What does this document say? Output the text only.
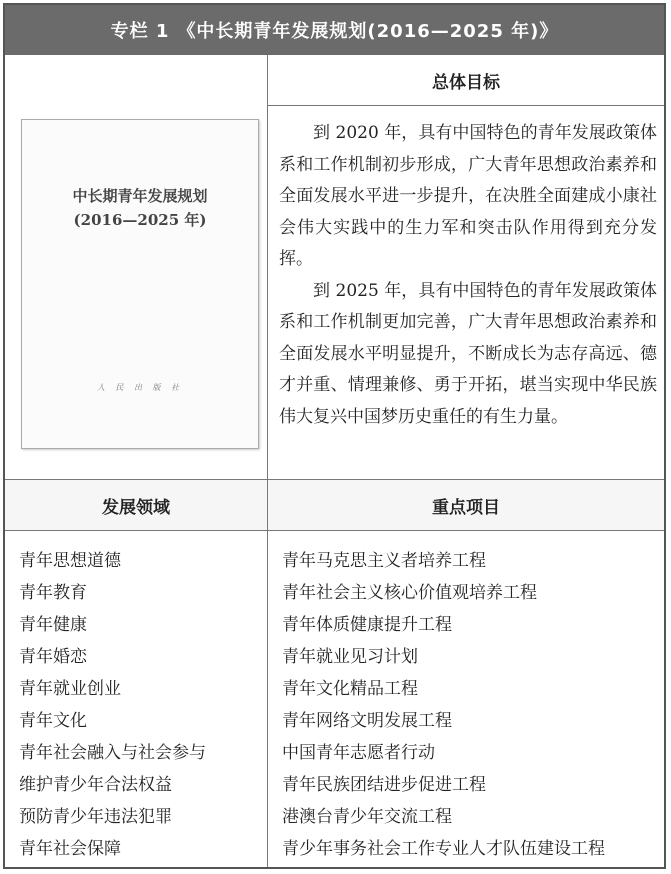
专栏 1 《中长期青年发展规划(2016—2025 年)》
总体目标
中长期青年发展规划
(2016—2025 年)
人 民 出 版 社

到 2020 年，具有中国特色的青年发展政策体系和工作机制初步形成，广大青年思想政治素养和全面发展水平进一步提升，在决胜全面建成小康社会伟大实践中的生力军和突击队作用得到充分发挥。

到 2025 年，具有中国特色的青年发展政策体系和工作机制更加完善，广大青年思想政治素养和全面发展水平明显提升，不断成长为志存高远、德才并重、情理兼修、勇于开拓，堪当实现中华民族伟大复兴中国梦历史重任的有生力量。

发展领域	重点项目
青年思想道德
青年教育
青年健康
青年婚恋
青年就业创业
青年文化
青年社会融入与社会参与
维护青少年合法权益
预防青少年违法犯罪
青年社会保障
青年马克思主义者培养工程
青年社会主义核心价值观培养工程
青年体质健康提升工程
青年就业见习计划
青年文化精品工程
青年网络文明发展工程
中国青年志愿者行动
青年民族团结进步促进工程
港澳台青少年交流工程
青少年事务社会工作专业人才队伍建设工程
